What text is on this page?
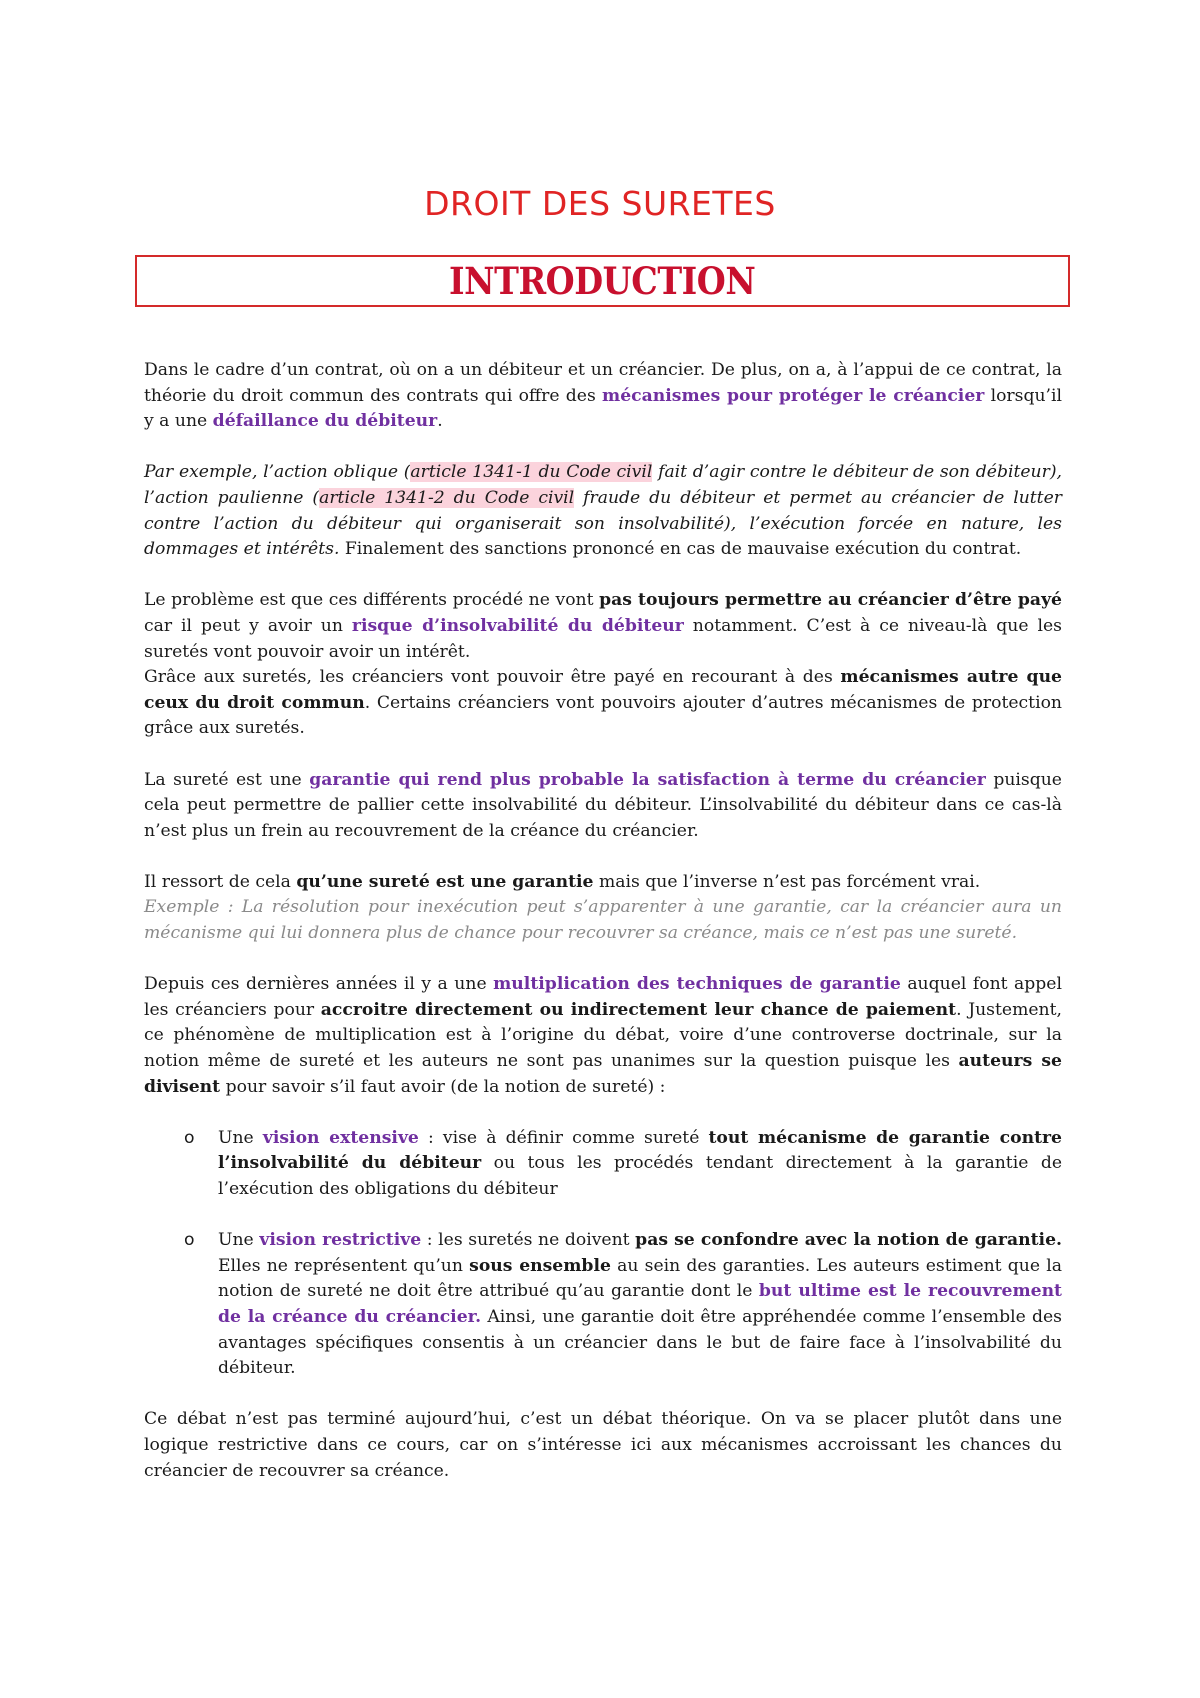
DROIT DES SURETES
INTRODUCTION

Dans le cadre d’un contrat, où on a un débiteur et un créancier. De plus, on a, à l’appui de ce contrat, la théorie du droit commun des contrats qui offre des mécanismes pour protéger le créancier lorsqu’il y a une défaillance du débiteur.

Par exemple, l’action oblique (article 1341-1 du Code civil fait d’agir contre le débiteur de son débiteur), l’action paulienne (article 1341-2 du Code civil fraude du débiteur et permet au créancier de lutter contre l’action du débiteur qui organiserait son insolvabilité), l’exécution forcée en nature, les dommages et intérêts. Finalement des sanctions prononcé en cas de mauvaise exécution du contrat.

Le problème est que ces différents procédé ne vont pas toujours permettre au créancier d’être payé car il peut y avoir un risque d’insolvabilité du débiteur notamment. C’est à ce niveau-là que les suretés vont pouvoir avoir un intérêt.

Grâce aux suretés, les créanciers vont pouvoir être payé en recourant à des mécanismes autre que ceux du droit commun. Certains créanciers vont pouvoirs ajouter d’autres mécanismes de protection grâce aux suretés.

La sureté est une garantie qui rend plus probable la satisfaction à terme du créancier puisque cela peut permettre de pallier cette insolvabilité du débiteur. L’insolvabilité du débiteur dans ce cas-là n’est plus un frein au recouvrement de la créance du créancier.

Il ressort de cela qu’une sureté est une garantie mais que l’inverse n’est pas forcément vrai.

Exemple : La résolution pour inexécution peut s’apparenter à une garantie, car la créancier aura un mécanisme qui lui donnera plus de chance pour recouvrer sa créance, mais ce n’est pas une sureté.

Depuis ces dernières années il y a une multiplication des techniques de garantie auquel font appel les créanciers pour accroitre directement ou indirectement leur chance de paiement. Justement, ce phénomène de multiplication est à l’origine du débat, voire d’une controverse doctrinale, sur la notion même de sureté et les auteurs ne sont pas unanimes sur la question puisque les auteurs se divisent pour savoir s’il faut avoir (de la notion de sureté) :

o Une vision extensive : vise à définir comme sureté tout mécanisme de garantie contre l’insolvabilité du débiteur ou tous les procédés tendant directement à la garantie de l’exécution des obligations du débiteur

o Une vision restrictive : les suretés ne doivent pas se confondre avec la notion de garantie. Elles ne représentent qu’un sous ensemble au sein des garanties. Les auteurs estiment que la notion de sureté ne doit être attribué qu’au garantie dont le but ultime est le recouvrement de la créance du créancier. Ainsi, une garantie doit être appréhendée comme l’ensemble des avantages spécifiques consentis à un créancier dans le but de faire face à l’insolvabilité du débiteur.

Ce débat n’est pas terminé aujourd’hui, c’est un débat théorique. On va se placer plutôt dans une logique restrictive dans ce cours, car on s’intéresse ici aux mécanismes accroissant les chances du créancier de recouvrer sa créance.
